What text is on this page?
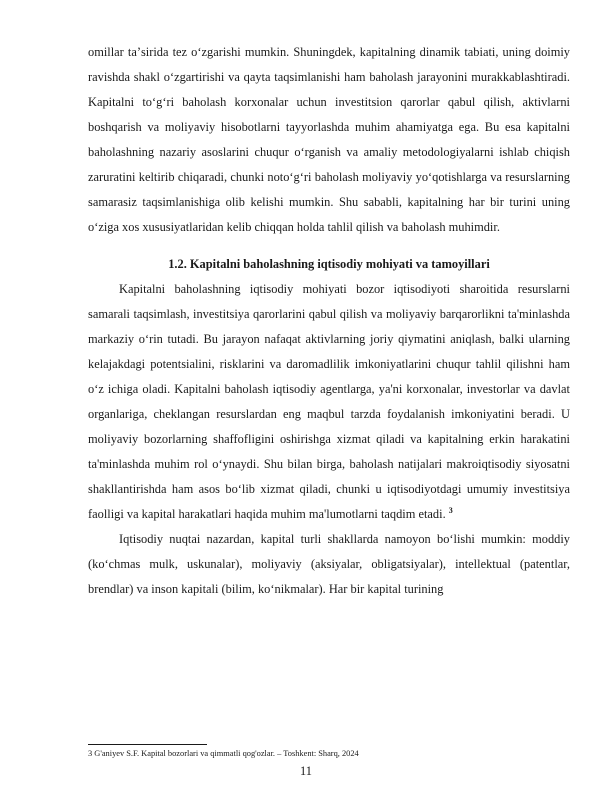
omillar taʼsirida tez oʻzgarishi mumkin. Shuningdek, kapitalning dinamik tabiati, uning doimiy ravishda shakl oʻzgartirishi va qayta taqsimlanishi ham baholash jarayonini murakkablashtiradi. Kapitalni toʻgʻri baholash korxonalar uchun investitsion qarorlar qabul qilish, aktivlarni boshqarish va moliyaviy hisobotlarni tayyorlashda muhim ahamiyatga ega. Bu esa kapitalni baholashning nazariy asoslarini chuqur oʻrganish va amaliy metodologiyalarni ishlab chiqish zaruratini keltirib chiqaradi, chunki notoʻgʻri baholash moliyaviy yoʻqotishlarga va resurslarning samarasiz taqsimlanishiga olib kelishi mumkin. Shu sababli, kapitalning har bir turini uning oʻziga xos xususiyatlaridan kelib chiqqan holda tahlil qilish va baholash muhimdir.

1.2. Kapitalni baholashning iqtisodiy mohiyati va tamoyillari

Kapitalni baholashning iqtisodiy mohiyati bozor iqtisodiyoti sharoitida resurslarni samarali taqsimlash, investitsiya qarorlarini qabul qilish va moliyaviy barqarorlikni ta'minlashda markaziy oʻrin tutadi. Bu jarayon nafaqat aktivlarning joriy qiymatini aniqlash, balki ularning kelajakdagi potentsialini, risklarini va daromadlilik imkoniyatlarini chuqur tahlil qilishni ham oʻz ichiga oladi. Kapitalni baholash iqtisodiy agentlarga, ya'ni korxonalar, investorlar va davlat organlariga, cheklangan resurslardan eng maqbul tarzda foydalanish imkoniyatini beradi. U moliyaviy bozorlarning shaffofligini oshirishga xizmat qiladi va kapitalning erkin harakatini ta'minlashda muhim rol oʻynaydi. Shu bilan birga, baholash natijalari makroiqtisodiy siyosatni shakllantirishda ham asos boʻlib xizmat qiladi, chunki u iqtisodiyotdagi umumiy investitsiya faolligi va kapital harakatlari haqida muhim ma'lumotlarni taqdim etadi. $^3$

Iqtisodiy nuqtai nazardan, kapital turli shakllarda namoyon boʻlishi mumkin: moddiy (koʻchmas mulk, uskunalar), moliyaviy (aksiyalar, obligatsiyalar), intellektual (patentlar, brendlar) va inson kapitali (bilim, koʻnikmalar). Har bir kapital turining

3 G'aniyev S.F. Kapital bozorlari va qimmatli qog'ozlar. – Toshkent: Sharq, 2024
11
